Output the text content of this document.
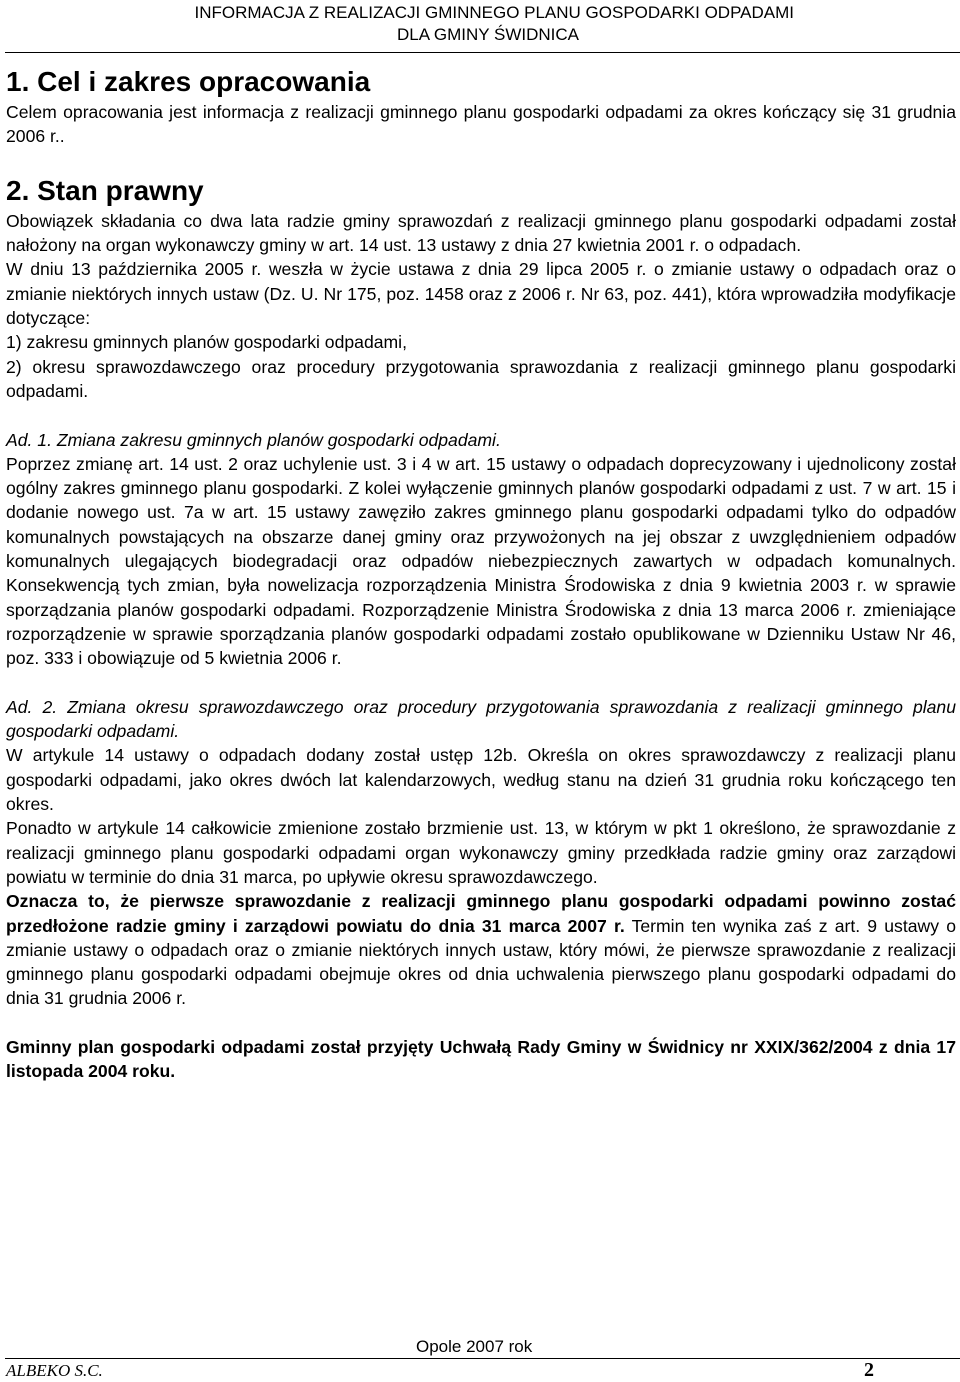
INFORMACJA Z REALIZACJI GMINNEGO PLANU GOSPODARKI ODPADAMI
DLA GMINY ŚWIDNICA
1. Cel i zakres opracowania

Celem opracowania jest informacja z realizacji gminnego planu gospodarki odpadami za okres kończący się 31 grudnia 2006 r..

2. Stan prawny

Obowiązek składania co dwa lata radzie gminy sprawozdań z realizacji gminnego planu gospodarki odpadami został nałożony na organ wykonawczy gminy w art. 14 ust. 13 ustawy z dnia 27 kwietnia 2001 r. o odpadach.

W dniu 13 października 2005 r. weszła w życie ustawa z dnia 29 lipca 2005 r. o zmianie ustawy o odpadach oraz o zmianie niektórych innych ustaw (Dz. U. Nr 175, poz. 1458 oraz z 2006 r. Nr 63, poz. 441), która wprowadziła modyfikacje dotyczące:

1) zakresu gminnych planów gospodarki odpadami,

2) okresu sprawozdawczego oraz procedury przygotowania sprawozdania z realizacji gminnego planu gospodarki odpadami.

Ad. 1. Zmiana zakresu gminnych planów gospodarki odpadami.

Poprzez zmianę art. 14 ust. 2 oraz uchylenie ust. 3 i 4 w art. 15 ustawy o odpadach doprecyzowany i ujednolicony został ogólny zakres gminnego planu gospodarki. Z kolei wyłączenie gminnych planów gospodarki odpadami z ust. 7 w art. 15 i dodanie nowego ust. 7a w art. 15 ustawy zawęziło zakres gminnego planu gospodarki odpadami tylko do odpadów komunalnych powstających na obszarze danej gminy oraz przywożonych na jej obszar z uwzględnieniem odpadów komunalnych ulegających biodegradacji oraz odpadów niebezpiecznych zawartych w odpadach komunalnych. Konsekwencją tych zmian, była nowelizacja rozporządzenia Ministra Środowiska z dnia 9 kwietnia 2003 r. w sprawie sporządzania planów gospodarki odpadami. Rozporządzenie Ministra Środowiska z dnia 13 marca 2006 r. zmieniające rozporządzenie w sprawie sporządzania planów gospodarki odpadami zostało opublikowane w Dzienniku Ustaw Nr 46, poz. 333 i obowiązuje od 5 kwietnia 2006 r.

Ad. 2. Zmiana okresu sprawozdawczego oraz procedury przygotowania sprawozdania z realizacji gminnego planu gospodarki odpadami.

W artykule 14 ustawy o odpadach dodany został ustęp 12b. Określa on okres sprawozdawczy z realizacji planu gospodarki odpadami, jako okres dwóch lat kalendarzowych, według stanu na dzień 31 grudnia roku kończącego ten okres.

Ponadto w artykule 14 całkowicie zmienione zostało brzmienie ust. 13, w którym w pkt 1 określono, że sprawozdanie z realizacji gminnego planu gospodarki odpadami organ wykonawczy gminy przedkłada radzie gminy oraz zarządowi powiatu w terminie do dnia 31 marca, po upływie okresu sprawozdawczego.

Oznacza to, że pierwsze sprawozdanie z realizacji gminnego planu gospodarki odpadami powinno zostać przedłożone radzie gminy i zarządowi powiatu do dnia 31 marca 2007 r. Termin ten wynika zaś z art. 9 ustawy o zmianie ustawy o odpadach oraz o zmianie niektórych innych ustaw, który mówi, że pierwsze sprawozdanie z realizacji gminnego planu gospodarki odpadami obejmuje okres od dnia uchwalenia pierwszego planu gospodarki odpadami do dnia 31 grudnia 2006 r.

Gminny plan gospodarki odpadami został przyjęty Uchwałą Rady Gminy w Świdnicy nr XXIX/362/2004 z dnia 17 listopada 2004 roku.

Opole 2007 rok
ALBEKO S.C.	2
